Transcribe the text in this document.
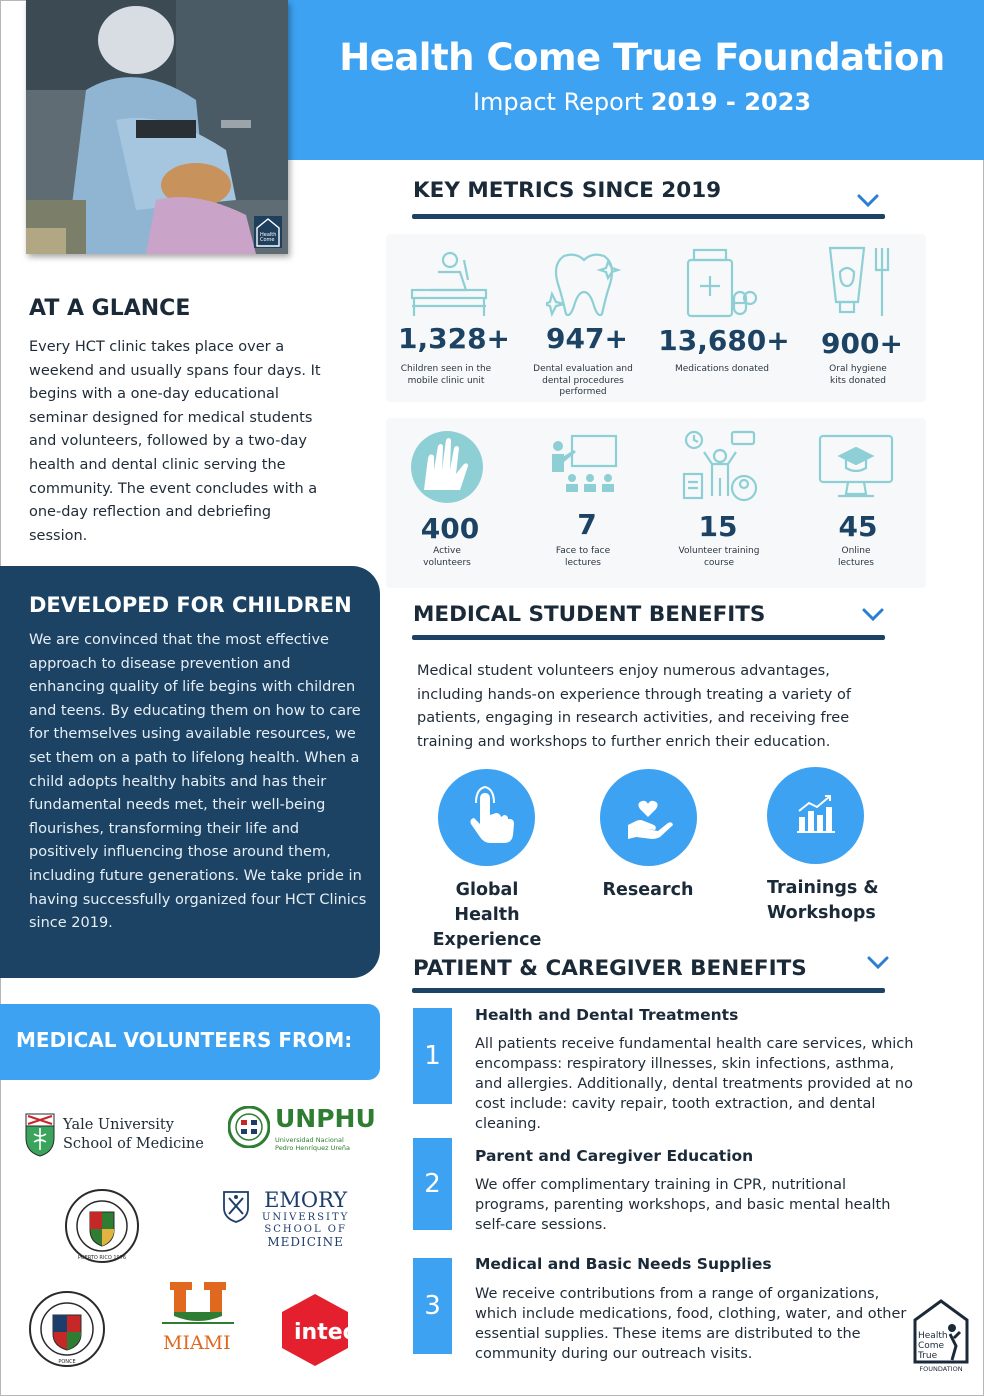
Health Come True Foundation
Impact Report 2019 - 2023
Health
Come
AT A GLANCE
Every HCT clinic takes place over a weekend and usually spans four days. It begins with a one-day educational seminar designed for medical students and volunteers, followed by a two-day health and dental clinic serving the community. The event concludes with a one-day reflection and debriefing session.
DEVELOPED FOR CHILDREN
We are convinced that the most effective approach to disease prevention and enhancing quality of life begins with children and teens. By educating them on how to care for themselves using available resources, we set them on a path to lifelong health. When a child adopts healthy habits and has their fundamental needs met, their well-being flourishes, transforming their life and positively influencing those around them, including future generations. We take pride in having successfully organized four HCT Clinics since 2019.
MEDICAL VOLUNTEERS FROM:
Yale University
School of Medicine
UNPHU
Universidad Nacional
Pedro Henríquez Ureña
PUERTO RICO 1976
EMORY
UNIVERSITY
SCHOOL OF
MEDICINE
PONCE
MIAMI	intec
KEY METRICS SINCE 2019
1,328+	947+	13,680+	900+
Children seen in the mobile clinic unit
Dental evaluation and dental procedures performed
Medications donated	Oral hygiene kits donated
400	7	15	45
Active volunteers
Face to face lectures
Volunteer training course
Online lectures
MEDICAL STUDENT BENEFITS
Medical student volunteers enjoy numerous advantages, including hands-on experience through treating a variety of patients, engaging in research activities, and receiving free training and workshops to further enrich their education.
Global Health
Experience
Research	Trainings &
Workshops
PATIENT & CAREGIVER BENEFITS
1
Health and Dental Treatments
All patients receive fundamental health care services, which encompass: respiratory illnesses, skin infections, asthma, and allergies. Additionally, dental treatments provided at no cost include: cavity repair, tooth extraction, and dental cleaning.
2
Parent and Caregiver Education
We offer complimentary training in CPR, nutritional programs, parenting workshops, and basic mental health self-care sessions.
3
Medical and Basic Needs Supplies
We receive contributions from a range of organizations, which include medications, food, clothing, water, and other essential supplies. These items are distributed to the community during our outreach visits.
Health
Come
True
FOUNDATION
